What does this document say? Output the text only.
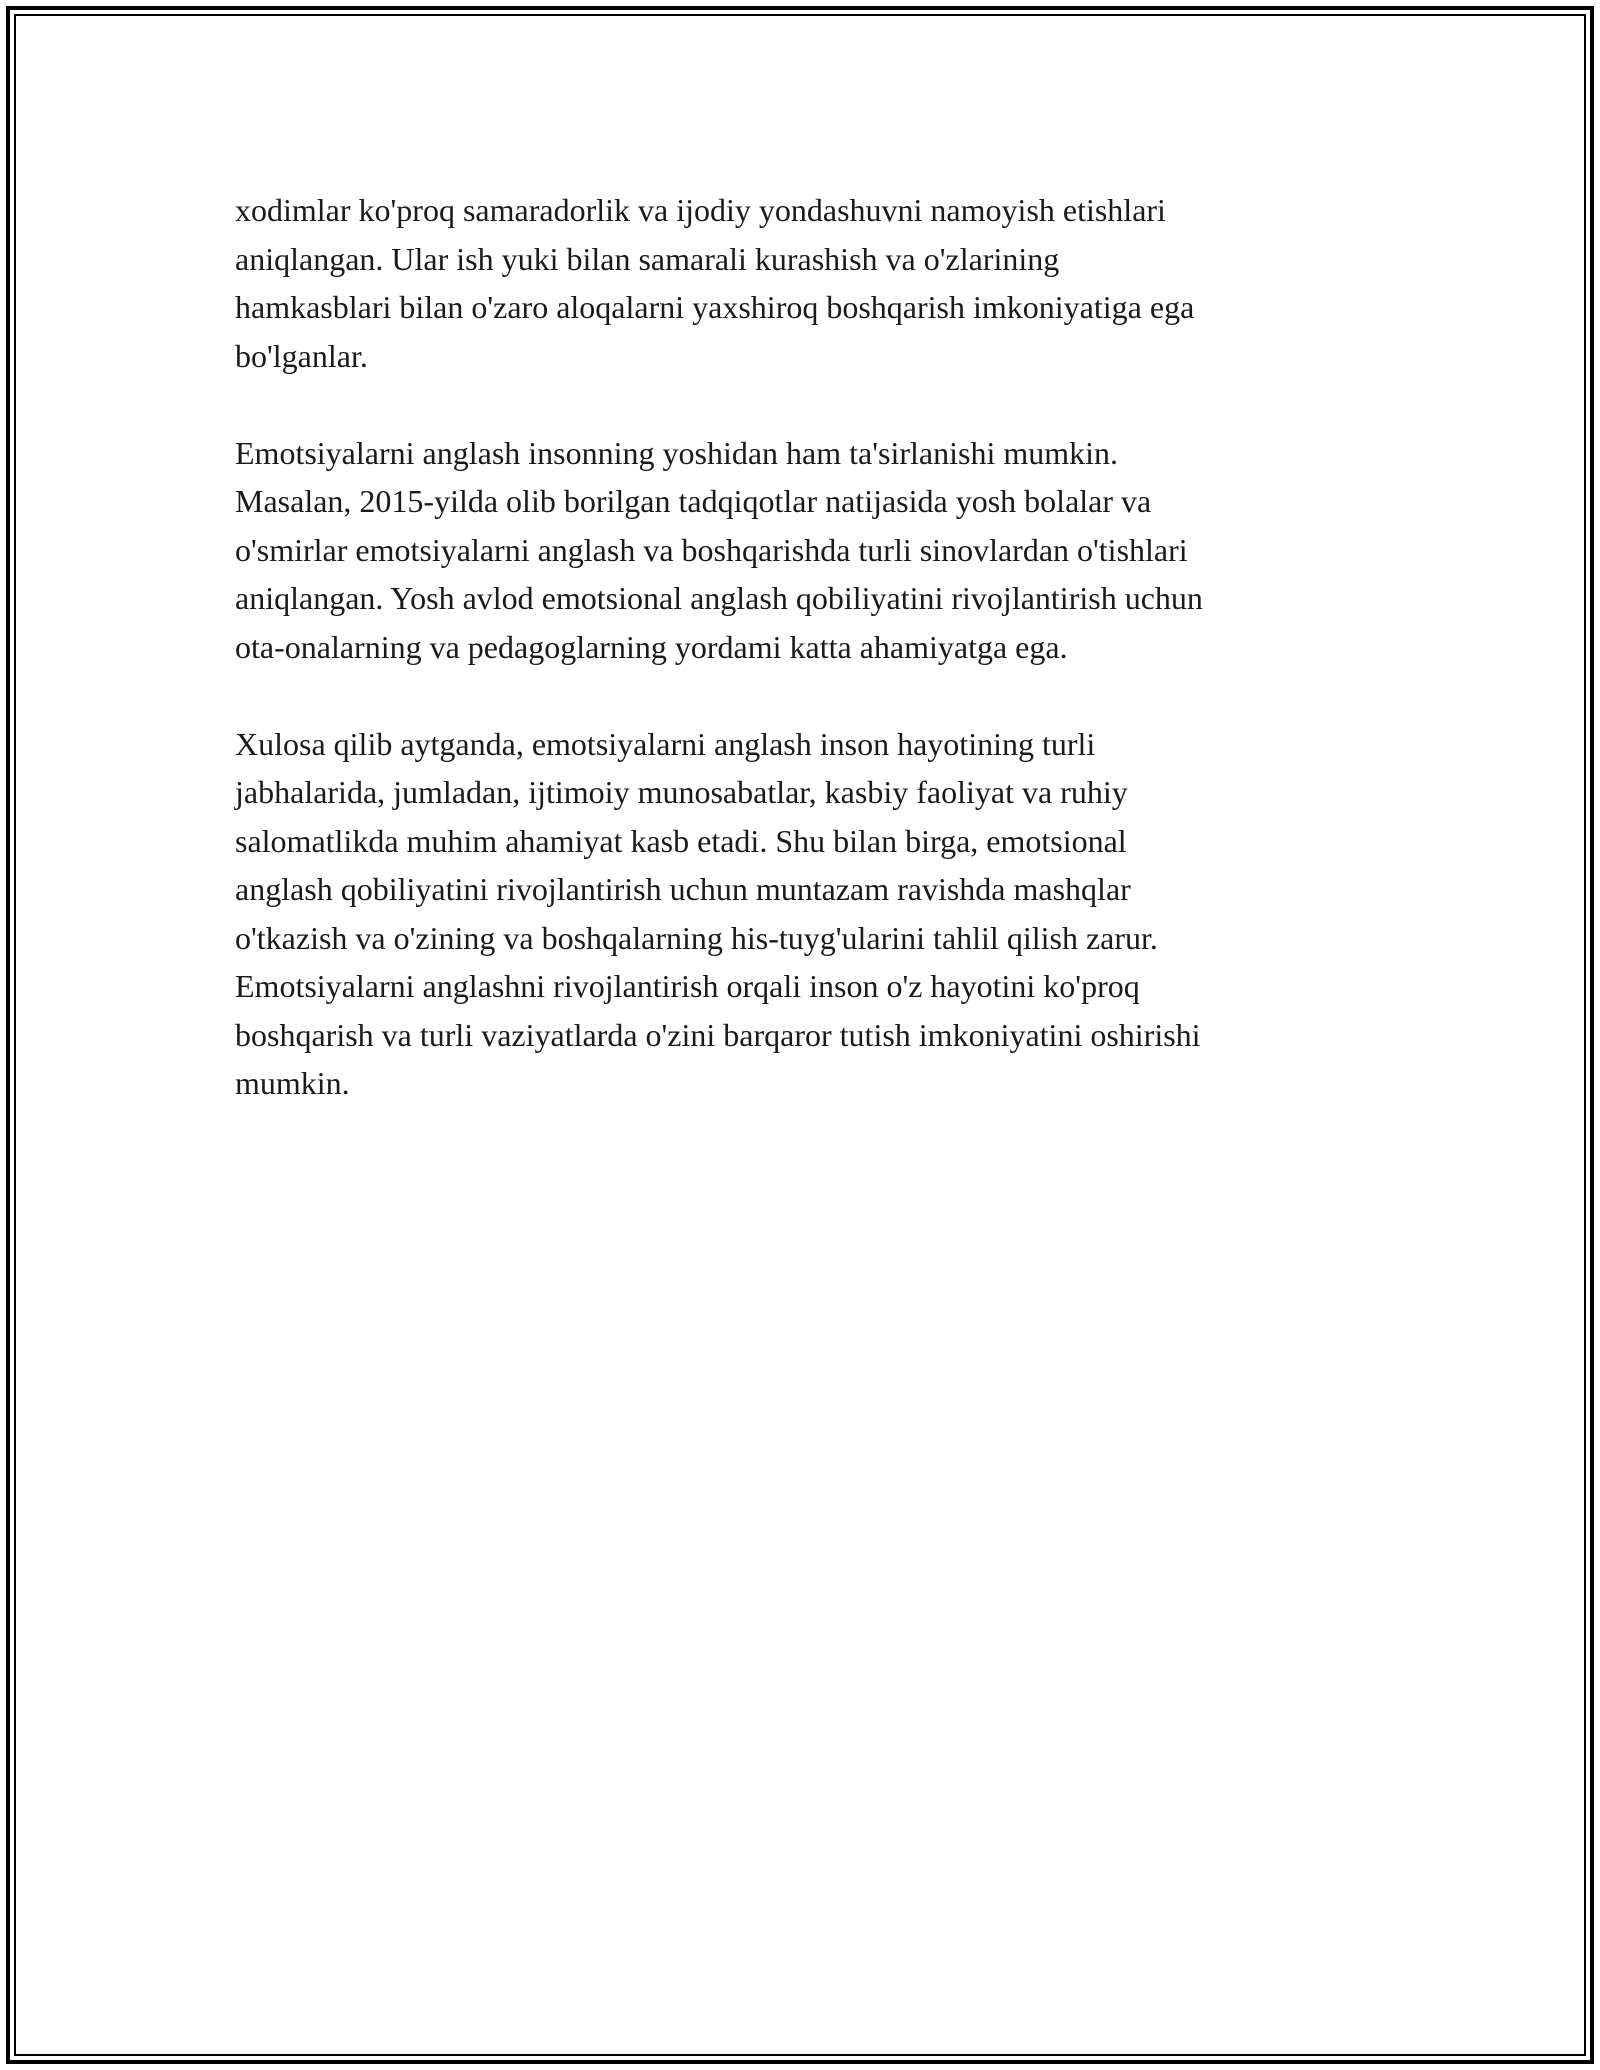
xodimlar ko'proq samaradorlik va ijodiy yondashuvni namoyish etishlari
aniqlangan. Ular ish yuki bilan samarali kurashish va o'zlarining
hamkasblari bilan o'zaro aloqalarni yaxshiroq boshqarish imkoniyatiga ega
bo'lganlar.

Emotsiyalarni anglash insonning yoshidan ham ta'sirlanishi mumkin.
Masalan, 2015-yilda olib borilgan tadqiqotlar natijasida yosh bolalar va
o'smirlar emotsiyalarni anglash va boshqarishda turli sinovlardan o'tishlari
aniqlangan. Yosh avlod emotsional anglash qobiliyatini rivojlantirish uchun
ota-onalarning va pedagoglarning yordami katta ahamiyatga ega.

Xulosa qilib aytganda, emotsiyalarni anglash inson hayotining turli
jabhalarida, jumladan, ijtimoiy munosabatlar, kasbiy faoliyat va ruhiy
salomatlikda muhim ahamiyat kasb etadi. Shu bilan birga, emotsional
anglash qobiliyatini rivojlantirish uchun muntazam ravishda mashqlar
o'tkazish va o'zining va boshqalarning his-tuyg'ularini tahlil qilish zarur.
Emotsiyalarni anglashni rivojlantirish orqali inson o'z hayotini ko'proq
boshqarish va turli vaziyatlarda o'zini barqaror tutish imkoniyatini oshirishi
mumkin.
